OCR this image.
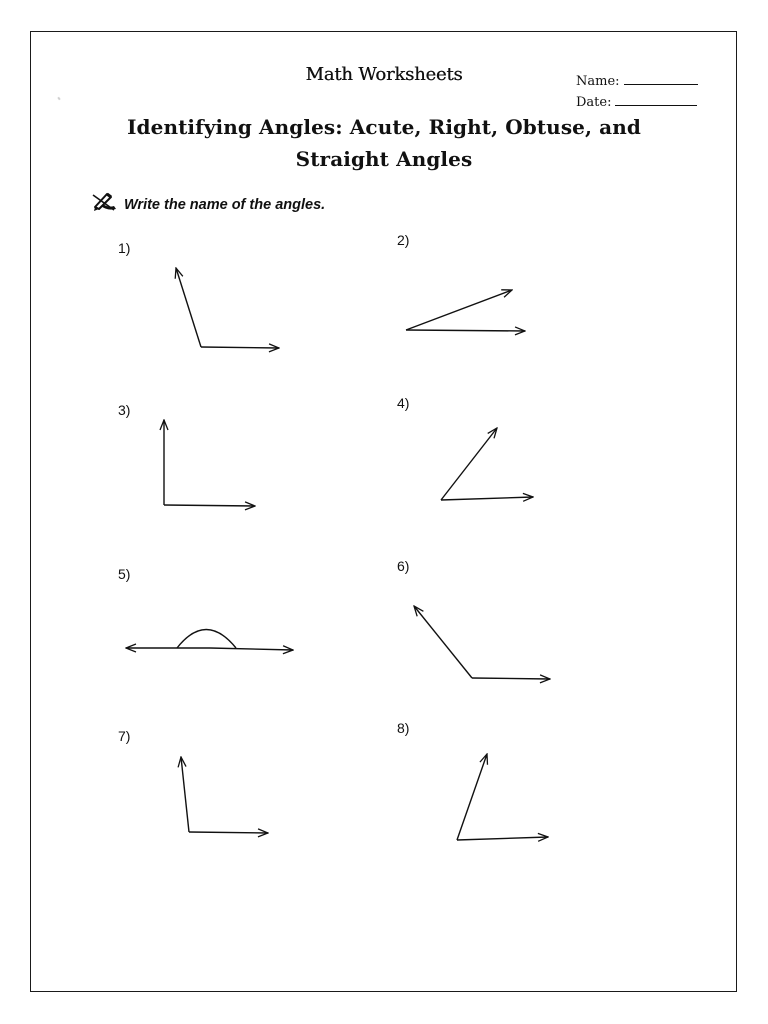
Math Worksheets	Name:
Date:
Identifying Angles: Acute, Right, Obtuse, and
Straight Angles
Write the name of the angles.
1)	2)
3)	4)
5)	6)
7)	8)
